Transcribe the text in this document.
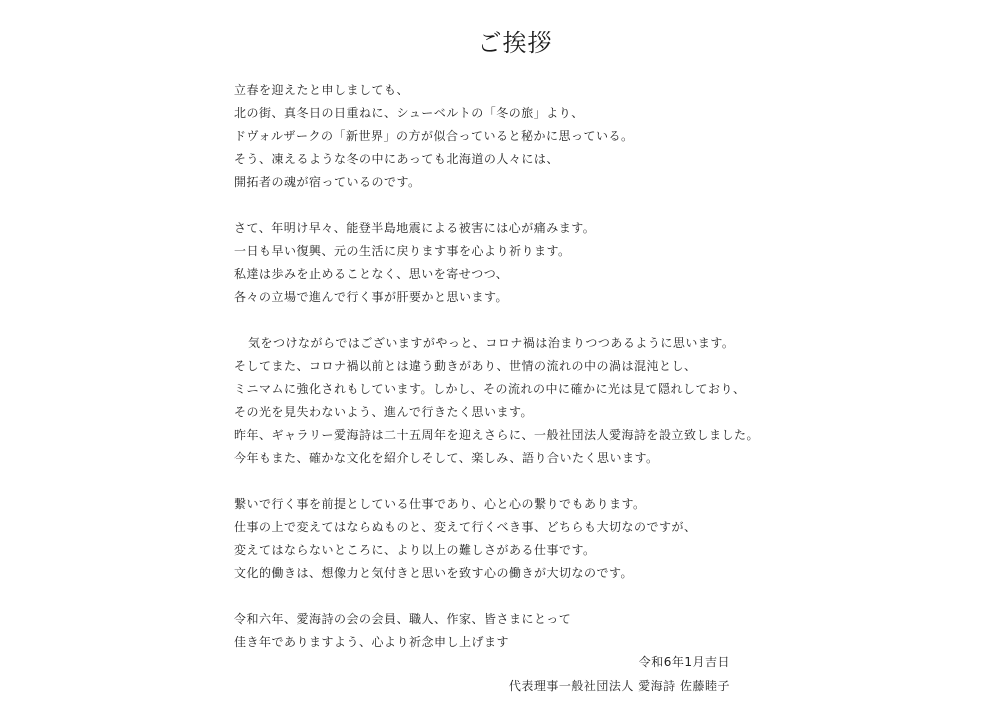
ご挨拶

立春を迎えたと申しましても、
北の街、真冬日の日重ねに、シューベルトの「冬の旅」より、
ドヴォルザークの「新世界」の方が似合っていると秘かに思っている。
そう、凍えるような冬の中にあっても北海道の人々には、
開拓者の魂が宿っているのです。

さて、年明け早々、能登半島地震による被害には心が痛みます。
一日も早い復興、元の生活に戻ります事を心より祈ります。
私達は歩みを止めることなく、思いを寄せつつ、
各々の立場で進んで行く事が肝要かと思います。

気をつけながらではございますがやっと、コロナ禍は治まりつつあるように思います。
そしてまた、コロナ禍以前とは違う動きがあり、世情の流れの中の渦は混沌とし、
ミニマムに強化されもしています。しかし、その流れの中に確かに光は見て隠れしており、
その光を見失わないよう、進んで行きたく思います。
昨年、ギャラリー愛海詩は二十五周年を迎えさらに、一般社団法人愛海詩を設立致しました。
今年もまた、確かな文化を紹介しそして、楽しみ、語り合いたく思います。

繋いで行く事を前提としている仕事であり、心と心の繋りでもあります。
仕事の上で変えてはならぬものと、変えて行くべき事、どちらも大切なのですが、
変えてはならないところに、より以上の難しさがある仕事です。
文化的働きは、想像力と気付きと思いを致す心の働きが大切なのです。

令和六年、愛海詩の会の会員、職人、作家、皆さまにとって
佳き年でありますよう、心より祈念申し上げます

令和6年1月吉日
代表理事一般社団法人 愛海詩 佐藤睦子
